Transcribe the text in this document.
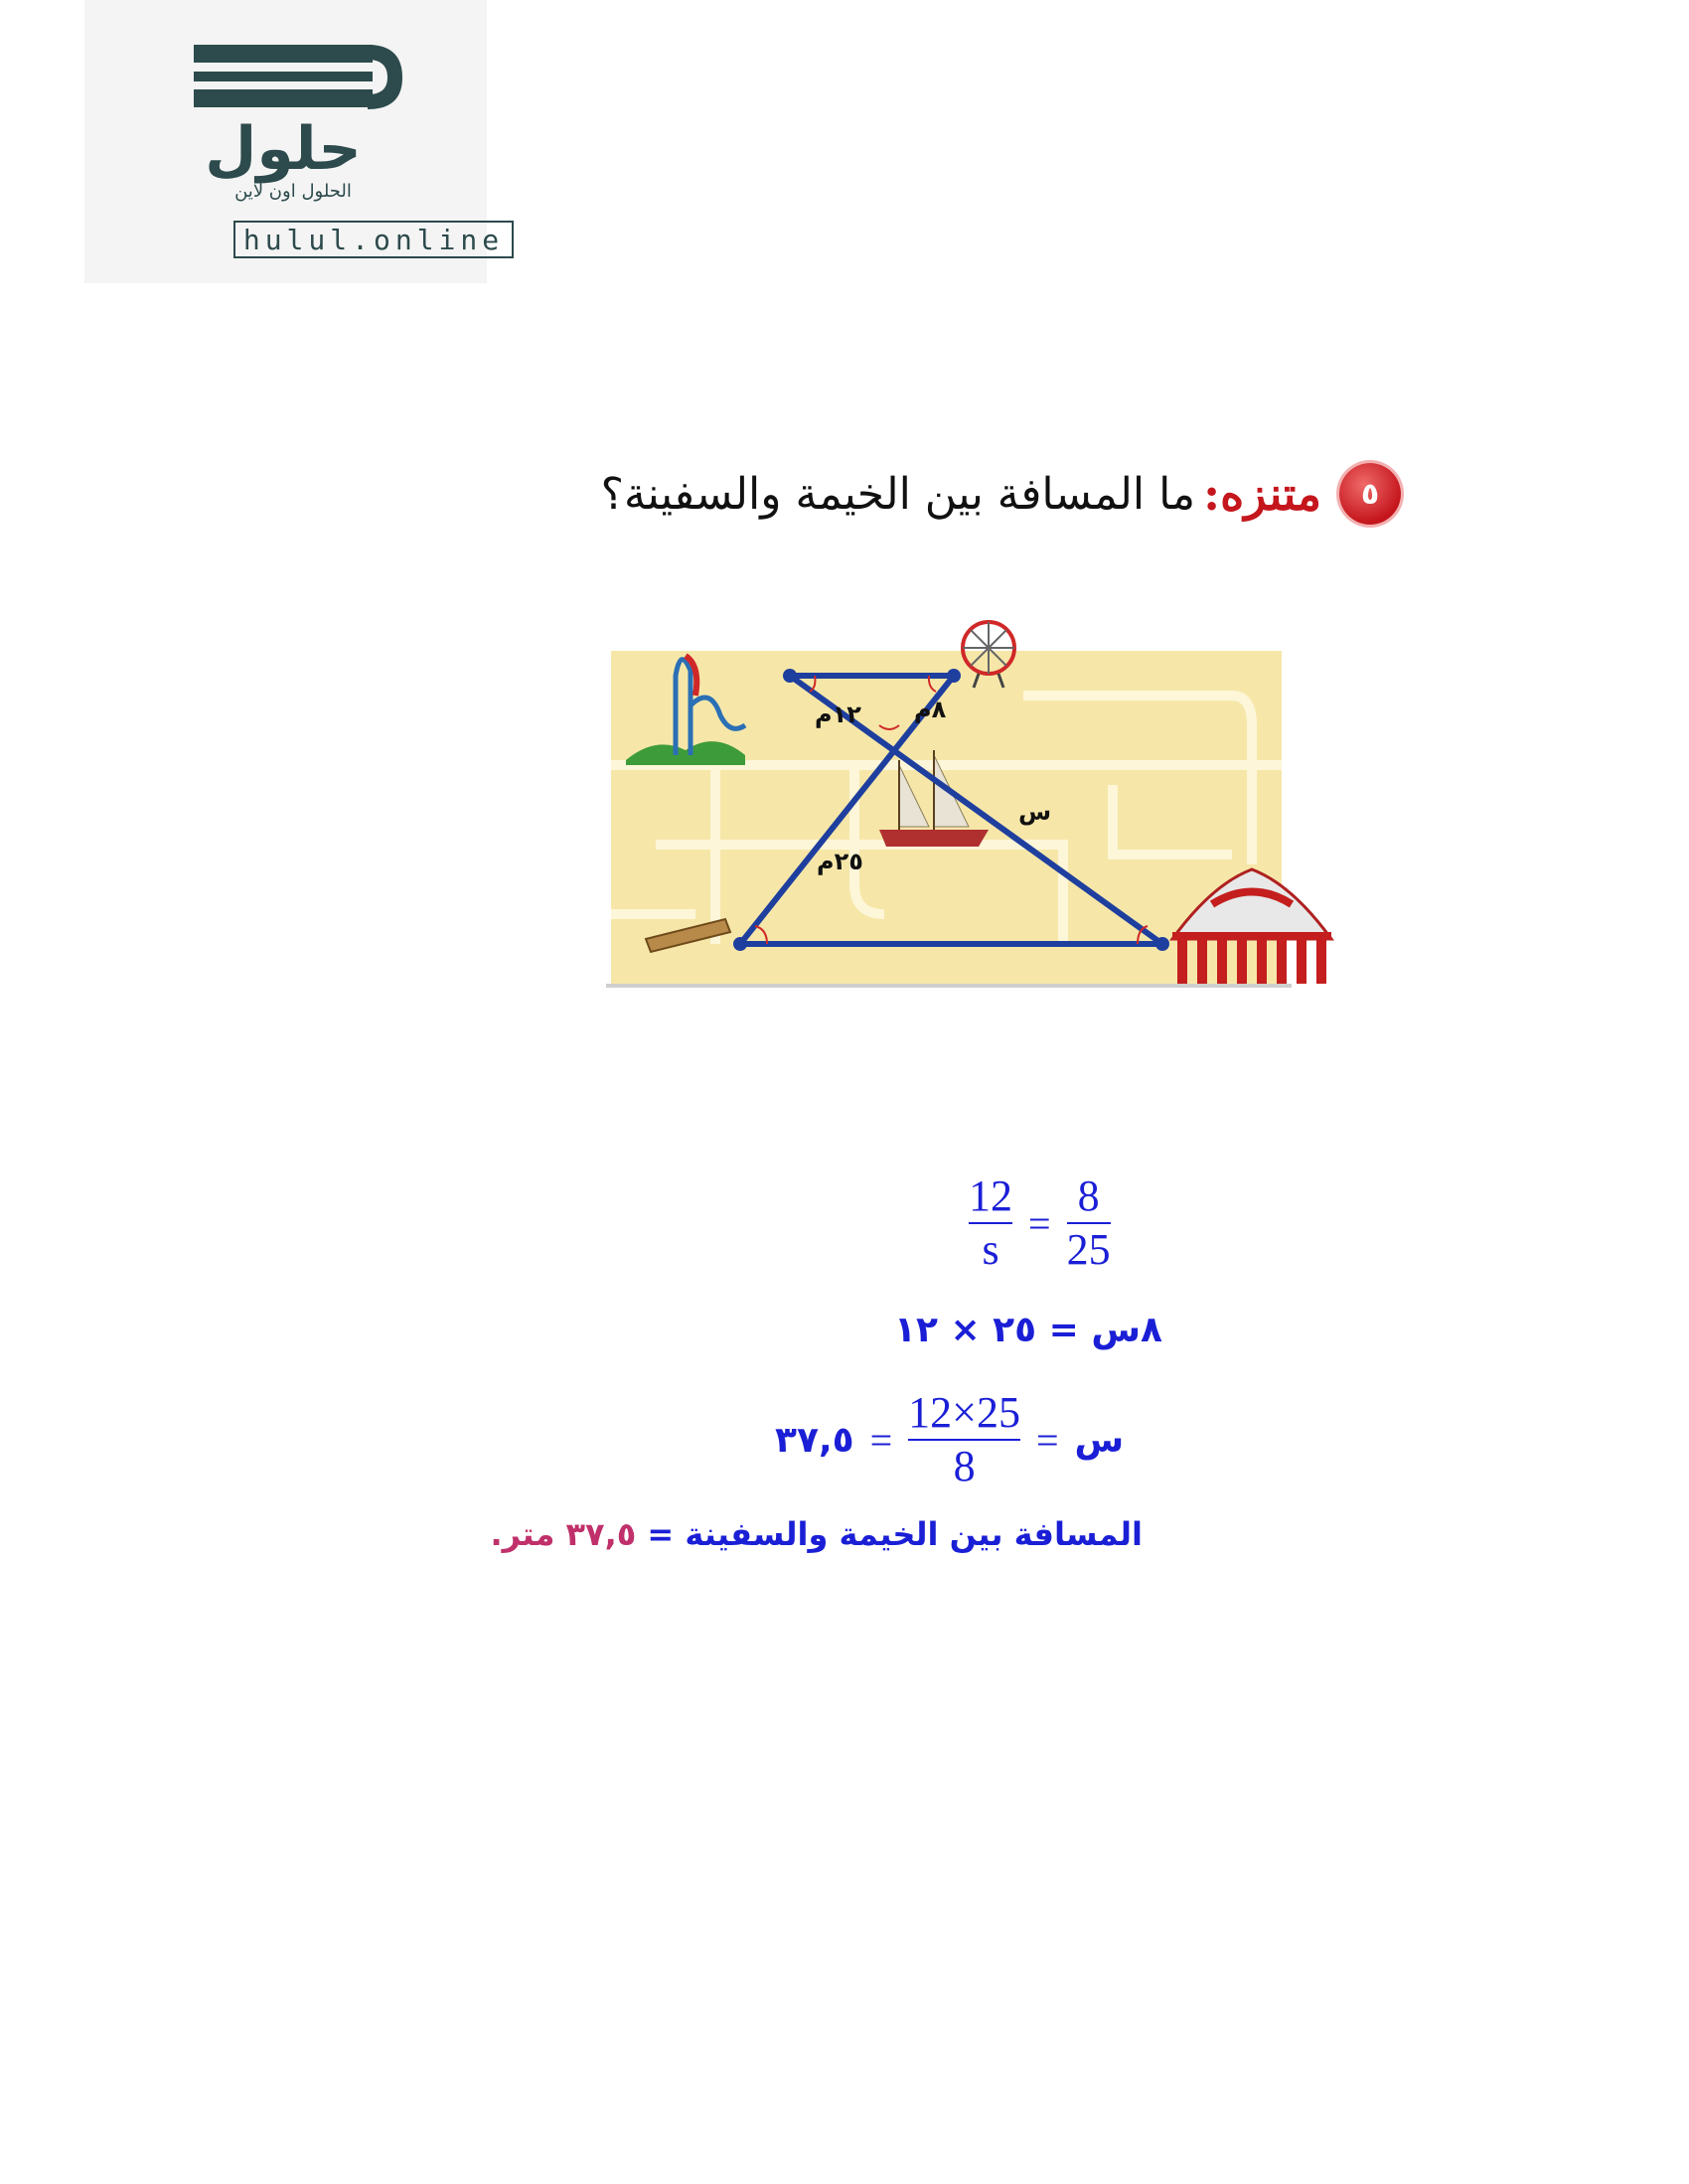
حلول
الحلول اون لاين
hulul.online
٥
متنزه:
ما المسافة بين الخيمة والسفينة؟
١٢م ٨م
س
٢٥م
$\frac{12}{s} = \frac{8}{25}$
٨س = ٢٥ × ١٢
س
=
$\frac{12\times 25}{8}$
=
٣٧,٥
المسافة بين الخيمة والسفينة = ٣٧,٥ متر.
